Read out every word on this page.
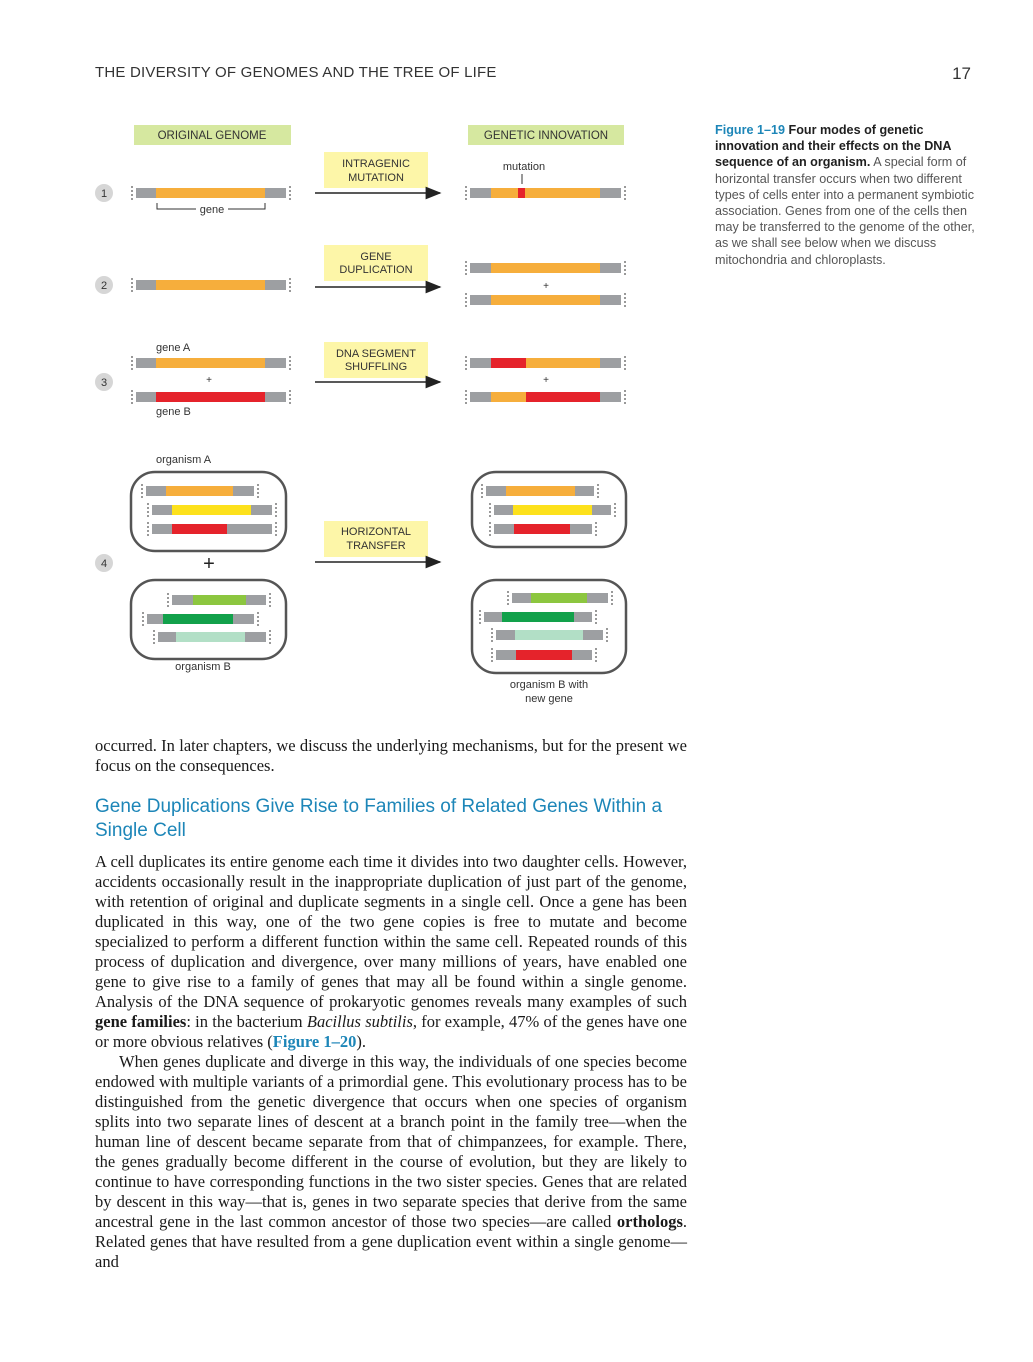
THE DIVERSITY OF GENOMES AND THE TREE OF LIFE	17
ORIGINAL GENOME	GENETIC INNOVATION
1
2
3
4
INTRAGENIC
MUTATION
GENE
DUPLICATION
DNA SEGMENT
SHUFFLING
HORIZONTAL
TRANSFER
gene
mutation
+
gene A
+
gene B
+
organism A
+
organism B
organism B with
new gene
Figure 1–19 Four modes of genetic innovation and their effects on the DNA sequence of an organism. A special form of horizontal transfer occurs when two different types of cells enter into a permanent symbiotic association. Genes from one of the cells then may be transferred to the genome of the other, as we shall see below when we discuss mitochondria and chloroplasts.

occurred. In later chapters, we discuss the underlying mechanisms, but for the present we focus on the consequences.

Gene Duplications Give Rise to Families of Related Genes Within a Single Cell

A cell duplicates its entire genome each time it divides into two daughter cells. However, accidents occasionally result in the inappropriate duplication of just part of the genome, with retention of original and duplicate segments in a single cell. Once a gene has been duplicated in this way, one of the two gene copies is free to mutate and become specialized to perform a different function within the same cell. Repeated rounds of this process of duplication and divergence, over many millions of years, have enabled one gene to give rise to a family of genes that may all be found within a single genome. Analysis of the DNA sequence of prokaryotic genomes reveals many examples of such gene families: in the bacterium Bacillus subtilis, for example, 47% of the genes have one or more obvious relatives (Figure 1–20).

When genes duplicate and diverge in this way, the individuals of one species become endowed with multiple variants of a primordial gene. This evolutionary process has to be distinguished from the genetic divergence that occurs when one species of organism splits into two separate lines of descent at a branch point in the family tree—when the human line of descent became separate from that of chimpanzees, for example. There, the genes gradually become different in the course of evolution, but they are likely to continue to have corresponding functions in the two sister species. Genes that are related by descent in this way—that is, genes in two separate species that derive from the same ancestral gene in the last common ancestor of those two species—are called orthologs. Related genes that have resulted from a gene duplication event within a single genome—and
